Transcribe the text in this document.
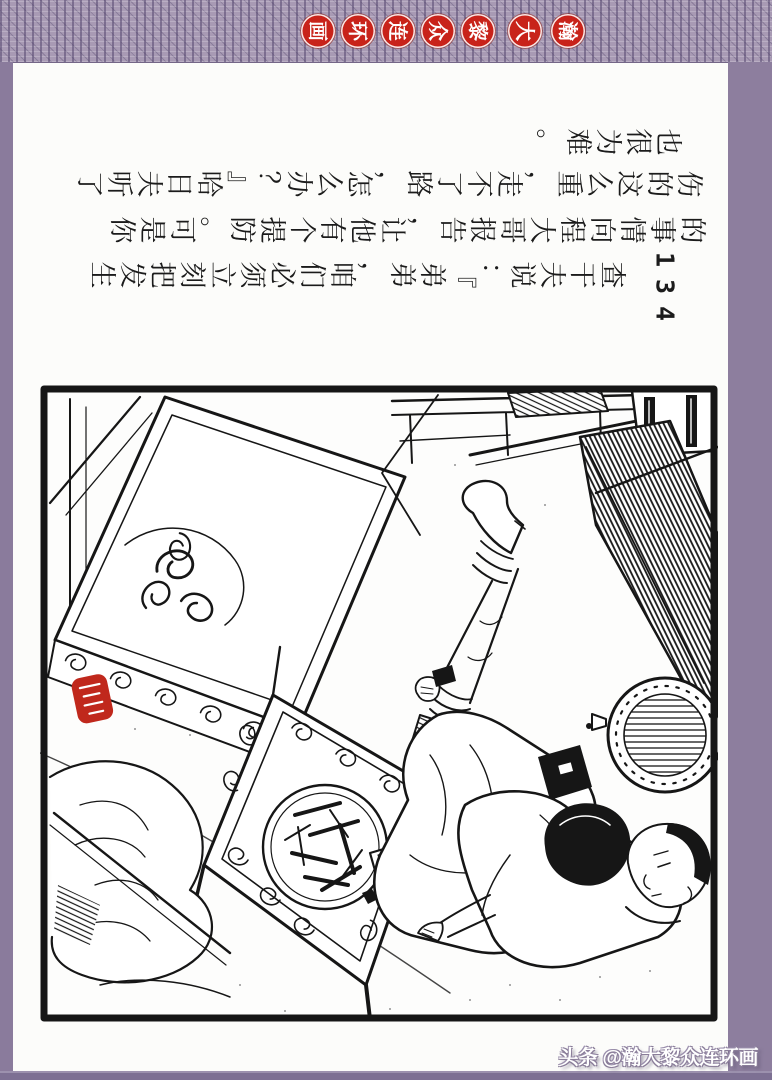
画 环 连 众 黎 大 瀚
也
很
为
难
。
伤
的
这
么
重
，
走
不
了
路
，
怎
么
办
？
』
哈
日
夫
听
了
的
事
情
向
程
大
哥
报
告
，
让
他
有
个
提
防
。
可
是
你
查
干
夫
说
：
『
弟
弟
，
咱
们
必
须
立
刻
把
发
生
1
3
4
头条 @瀚大黎众连环画
